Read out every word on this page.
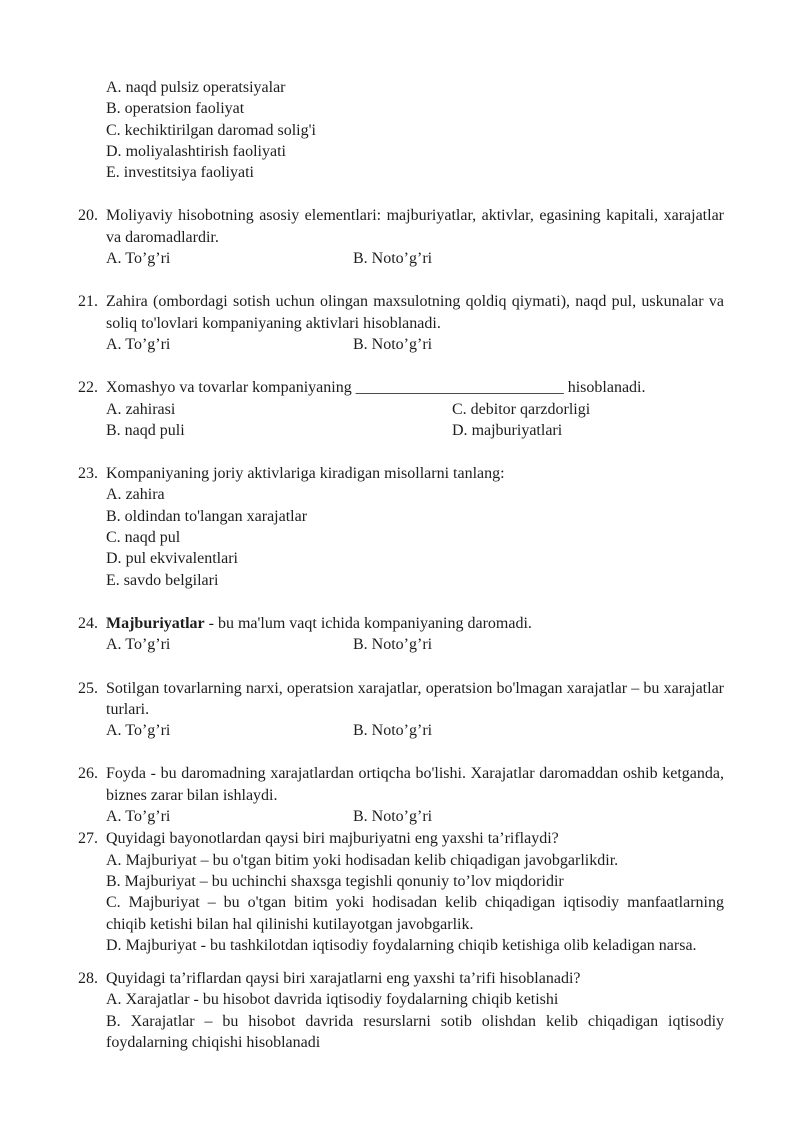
A. naqd pulsiz operatsiyalar
B. operatsion faoliyat
C. kechiktirilgan daromad solig'i
D. moliyalashtirish faoliyati
E. investitsiya faoliyati
20. Moliyaviy hisobotning asosiy elementlari: majburiyatlar, aktivlar, egasining kapitali, xarajatlar va daromadlardir.
A. To’g’ri	B. Noto’g’ri
21. Zahira (ombordagi sotish uchun olingan maxsulotning qoldiq qiymati), naqd pul, uskunalar va soliq to'lovlari kompaniyaning aktivlari hisoblanadi.
A. To’g’ri	B. Noto’g’ri
22. Xomashyo va tovarlar kompaniyaning __________________________ hisoblanadi.
A. zahirasi
B. naqd puli
C. debitor qarzdorligi
D. majburiyatlari
23. Kompaniyaning joriy aktivlariga kiradigan misollarni tanlang:
A. zahira
B. oldindan to'langan xarajatlar
C. naqd pul
D. pul ekvivalentlari
E. savdo belgilari
24. Majburiyatlar - bu ma'lum vaqt ichida kompaniyaning daromadi.
A. To’g’ri	B. Noto’g’ri
25. Sotilgan tovarlarning narxi, operatsion xarajatlar, operatsion bo'lmagan xarajatlar – bu xarajatlar turlari.
A. To’g’ri	B. Noto’g’ri
26. Foyda - bu daromadning xarajatlardan ortiqcha bo'lishi. Xarajatlar daromaddan oshib ketganda, biznes zarar bilan ishlaydi.
A. To’g’ri	B. Noto’g’ri
27. Quyidagi bayonotlardan qaysi biri majburiyatni eng yaxshi ta’riflaydi?
A. Majburiyat – bu o'tgan bitim yoki hodisadan kelib chiqadigan javobgarlikdir.
B. Majburiyat – bu uchinchi shaxsga tegishli qonuniy to’lov miqdoridir
C. Majburiyat – bu o'tgan bitim yoki hodisadan kelib chiqadigan iqtisodiy manfaatlarning chiqib ketishi bilan hal qilinishi kutilayotgan javobgarlik.
D. Majburiyat - bu tashkilotdan iqtisodiy foydalarning chiqib ketishiga olib keladigan narsa.
28. Quyidagi ta’riflardan qaysi biri xarajatlarni eng yaxshi ta’rifi hisoblanadi?
A. Xarajatlar - bu hisobot davrida iqtisodiy foydalarning chiqib ketishi
B. Xarajatlar – bu hisobot davrida resurslarni sotib olishdan kelib chiqadigan iqtisodiy foydalarning chiqishi hisoblanadi
